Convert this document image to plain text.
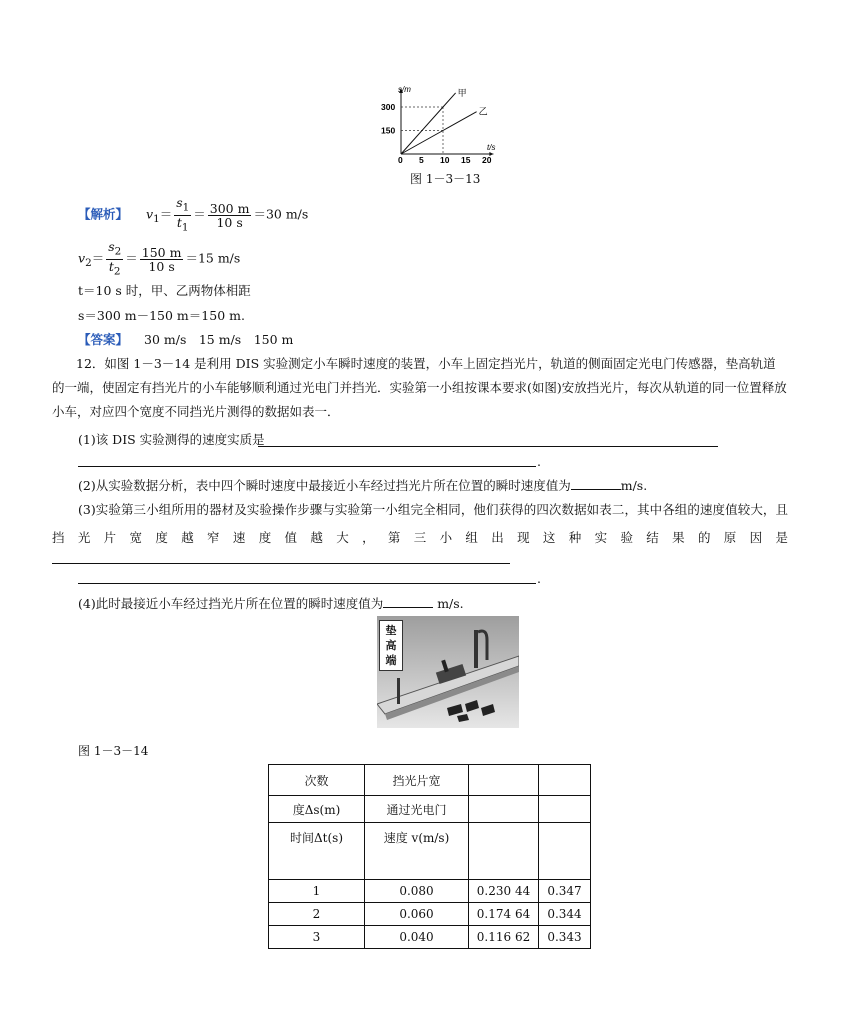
甲
乙
0 5 10 15 20
150
300
s/m
t/s
图 1－3－13
【解析】 $v_1= \frac{s_1}{t_1} = \frac{300 m}{10 s} =30$ m/s
$v_2= \frac{s_2}{t_2} = \frac{150 m}{10 s} =15$ m/s
t＝10 s 时，甲、乙两物体相距
s＝300 m－150 m＝150 m.
【答案】 30 m/s　15 m/s　150 m
12．如图 1－3－14 是利用 DIS 实验测定小车瞬时速度的装置，小车上固定挡光片，轨道的侧面固定光电门传感器，垫高轨道的一端，使固定有挡光片的小车能够顺利通过光电门并挡光．实验第一小组按课本要求(如图)安放挡光片，每次从轨道的同一位置释放小车，对应四个宽度不同挡光片测得的数据如表一．
(1)该 DIS 实验测得的速度实质是
.
(2)从实验数据分析，表中四个瞬时速度中最接近小车经过挡光片所在位置的瞬时速度值为	m/s.
(3)实验第三小组所用的器材及实验操作步骤与实验第一小组完全相同，他们获得的四次数据如表二，其中各组的速度值较大，且挡光片宽度越窄速度值越大，第三小组出现这种实验结果的原因是
.
(4)此时最接近小车经过挡光片所在位置的瞬时速度值为	m/s.
垫
高
端
图 1－3－14
次数	挡光片宽		
度Δs(m)	通过光电门		
时间Δt(s)	速度 v(m/s)		
1	0.080	0.230 44	0.347
2	0.060	0.174 64	0.344
3	0.040	0.116 62	0.343
